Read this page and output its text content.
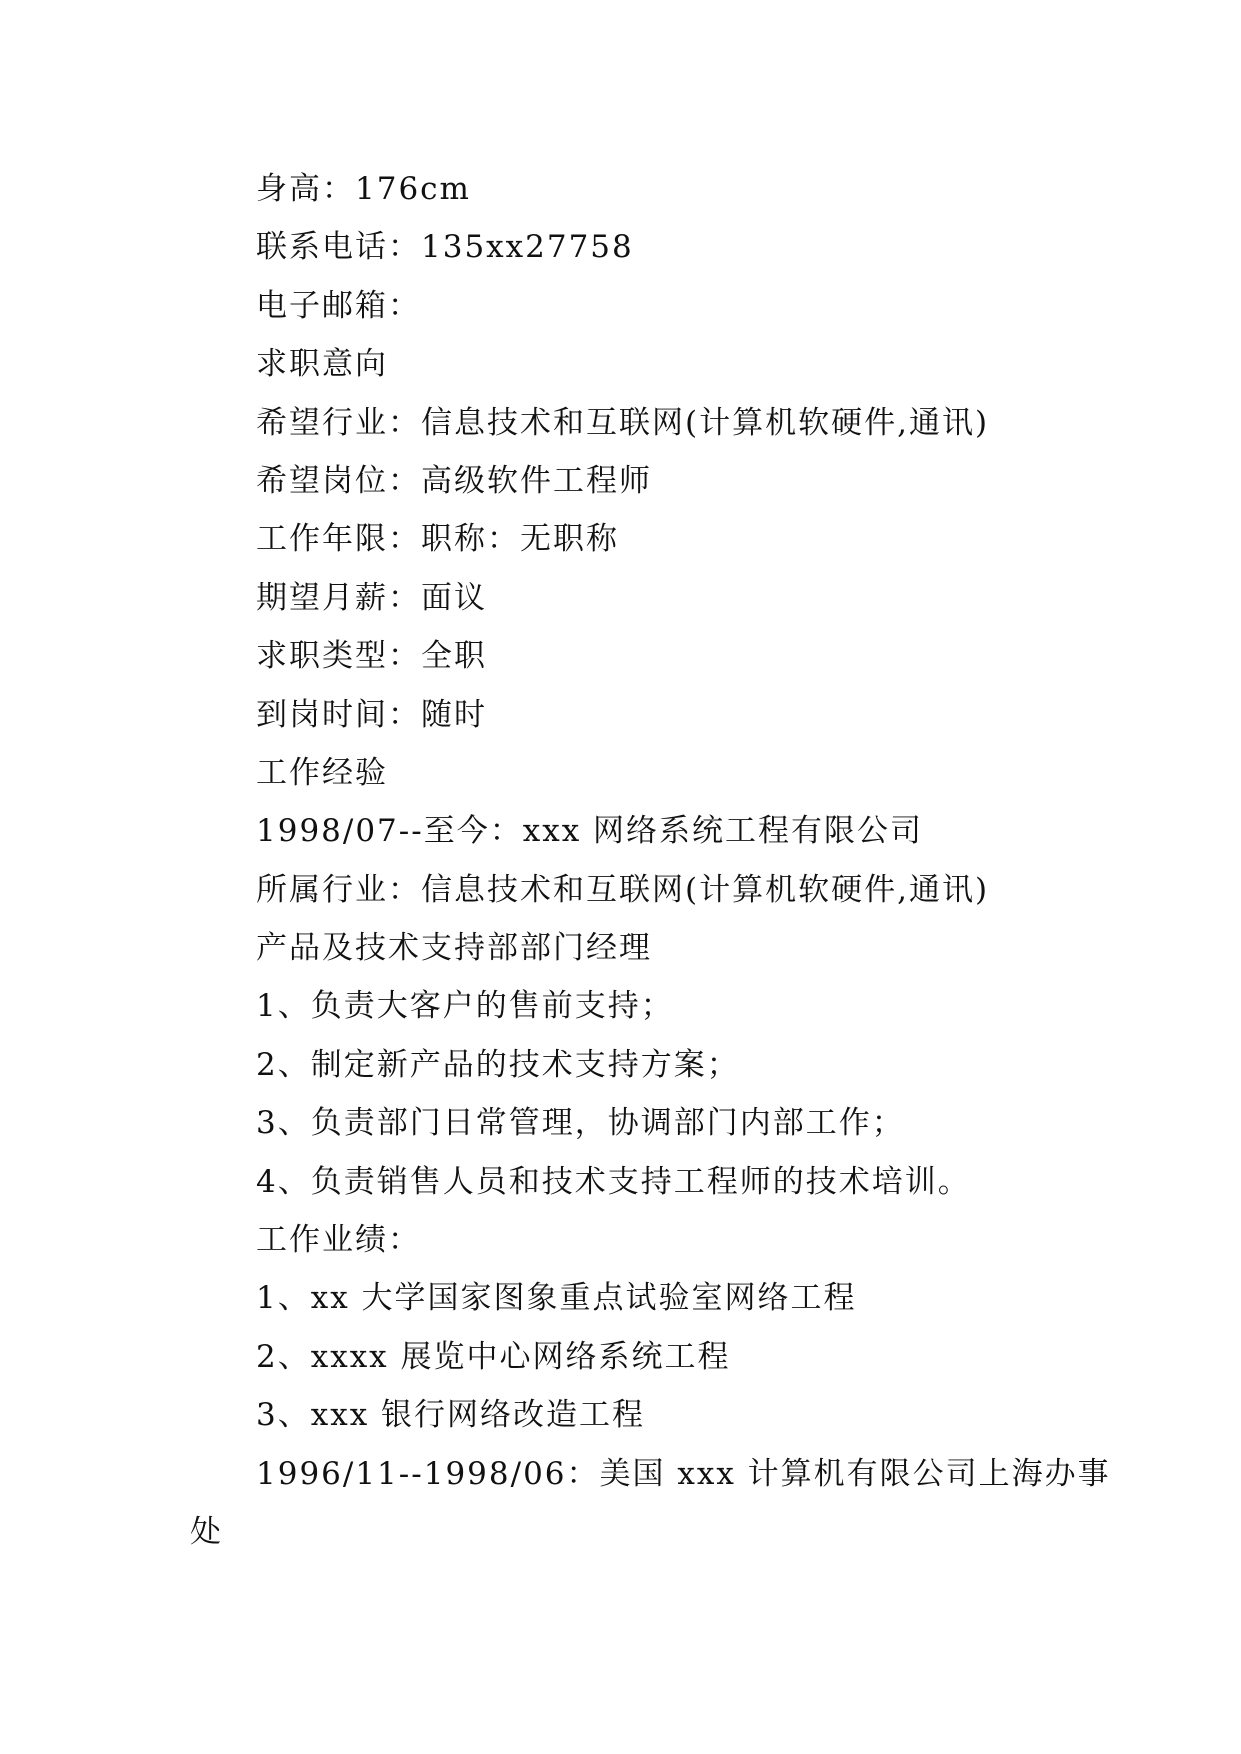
身高：176cm
联系电话：135xx27758
电子邮箱：
求职意向
希望行业：信息技术和互联网(计算机软硬件,通讯)
希望岗位：高级软件工程师
工作年限：职称：无职称
期望月薪：面议
求职类型：全职
到岗时间：随时
工作经验
1998/07--至今：xxx 网络系统工程有限公司
所属行业：信息技术和互联网(计算机软硬件,通讯)
产品及技术支持部部门经理
1、负责大客户的售前支持；
2、制定新产品的技术支持方案；
3、负责部门日常管理，协调部门内部工作；
4、负责销售人员和技术支持工程师的技术培训。
工作业绩：
1、xx 大学国家图象重点试验室网络工程
2、xxxx 展览中心网络系统工程
3、xxx 银行网络改造工程
1996/11--1998/06：美国 xxx 计算机有限公司上海办事
处
